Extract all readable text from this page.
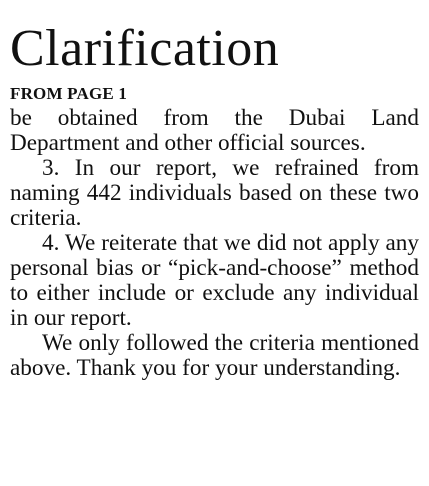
Clarification
FROM PAGE 1

be obtained from the Dubai Land Department and other official sources.

3. In our report, we refrained from naming 442 individuals based on these two criteria.

4. We reiterate that we did not apply any personal bias or “pick-and-choose” method to either include or exclude any individual in our report.

We only followed the criteria mentioned above. Thank you for your understanding.
